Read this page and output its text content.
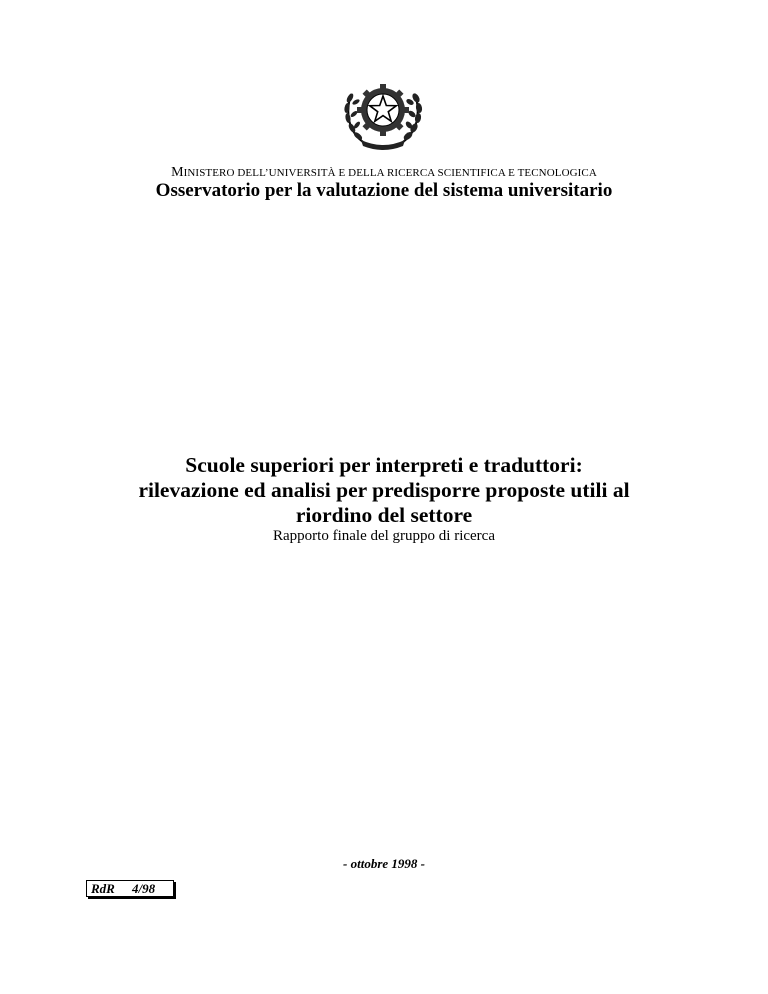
MINISTERO DELL’UNIVERSITÀ E DELLA RICERCA SCIENTIFICA E TECNOLOGICA
Osservatorio per la valutazione del sistema universitario
Scuole superiori per interpreti e traduttori:
rilevazione ed analisi per predisporre proposte utili al
riordino del settore
Rapporto finale del gruppo di ricerca
- ottobre 1998 -
RdR 4/98
